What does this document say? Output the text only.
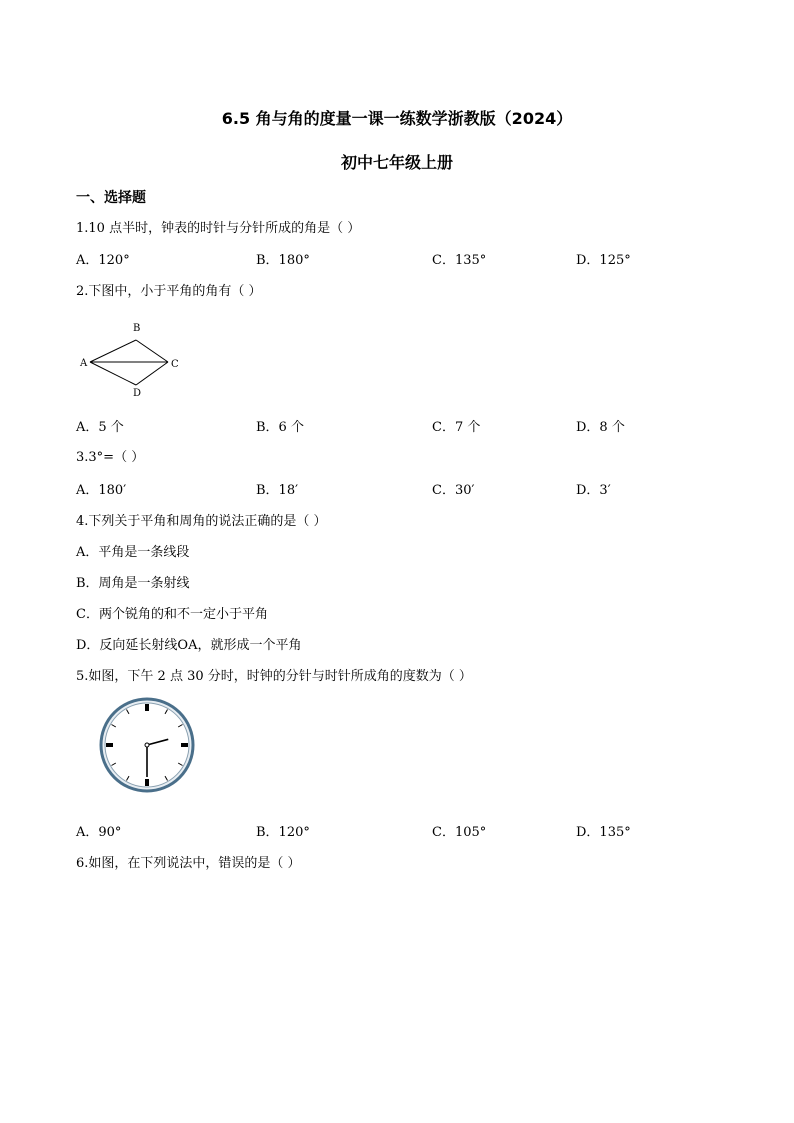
6.5 角与角的度量一课一练数学浙教版（2024）
初中七年级上册
一、选择题
1.10 点半时，钟表的时针与分针所成的角是（ ）
A．120°	B．180°	C．135°	D．125°
2.下图中，小于平角的角有（ ）
A
B
C
D
A．5 个	B．6 个	C．7 个	D．8 个
3.3°=（ ）
A．180′	B．18′	C．30′	D．3′
4.下列关于平角和周角的说法正确的是（ ）
A．平角是一条线段
B．周角是一条射线
C．两个锐角的和不一定小于平角
D．反向延长射线OA，就形成一个平角
5.如图，下午 2 点 30 分时，时钟的分针与时针所成角的度数为（ ）
A．90°	B．120°	C．105°	D．135°
6.如图，在下列说法中，错误的是（ ）
